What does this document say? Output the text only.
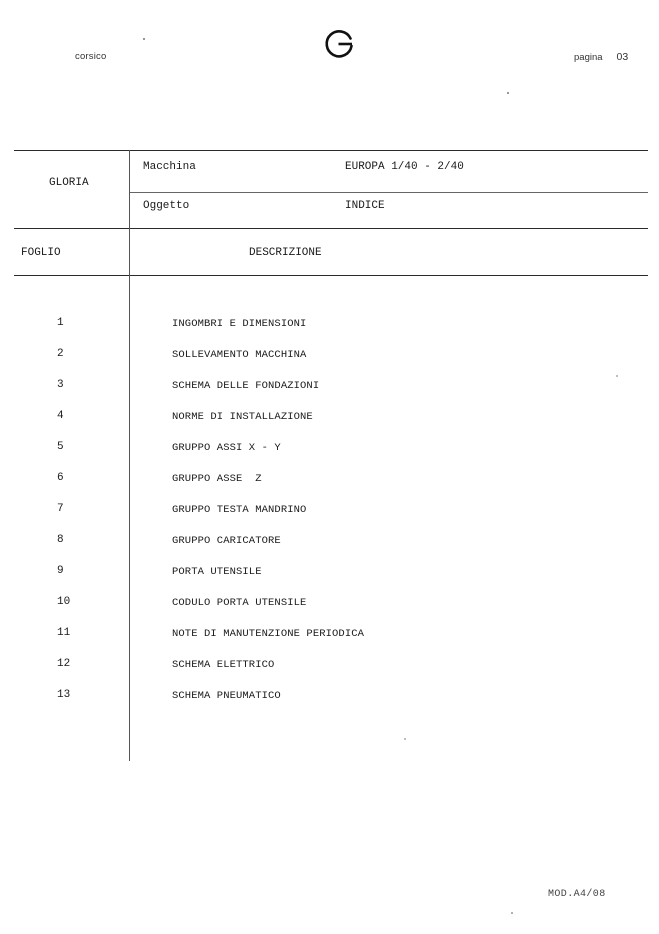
corsico	pagina 03
GLORIA
Macchina	EUROPA 1/40 - 2/40
Oggetto	INDICE
FOGLIO	DESCRIZIONE
1	INGOMBRI E DIMENSIONI
2	SOLLEVAMENTO MACCHINA
3	SCHEMA DELLE FONDAZIONI
4	NORME DI INSTALLAZIONE
5	GRUPPO ASSI X - Y
6	GRUPPO ASSE  Z
7	GRUPPO TESTA MANDRINO
8	GRUPPO CARICATORE
9	PORTA UTENSILE
10	CODULO PORTA UTENSILE
11	NOTE DI MANUTENZIONE PERIODICA
12	SCHEMA ELETTRICO
13	SCHEMA PNEUMATICO
MOD.A4/08
